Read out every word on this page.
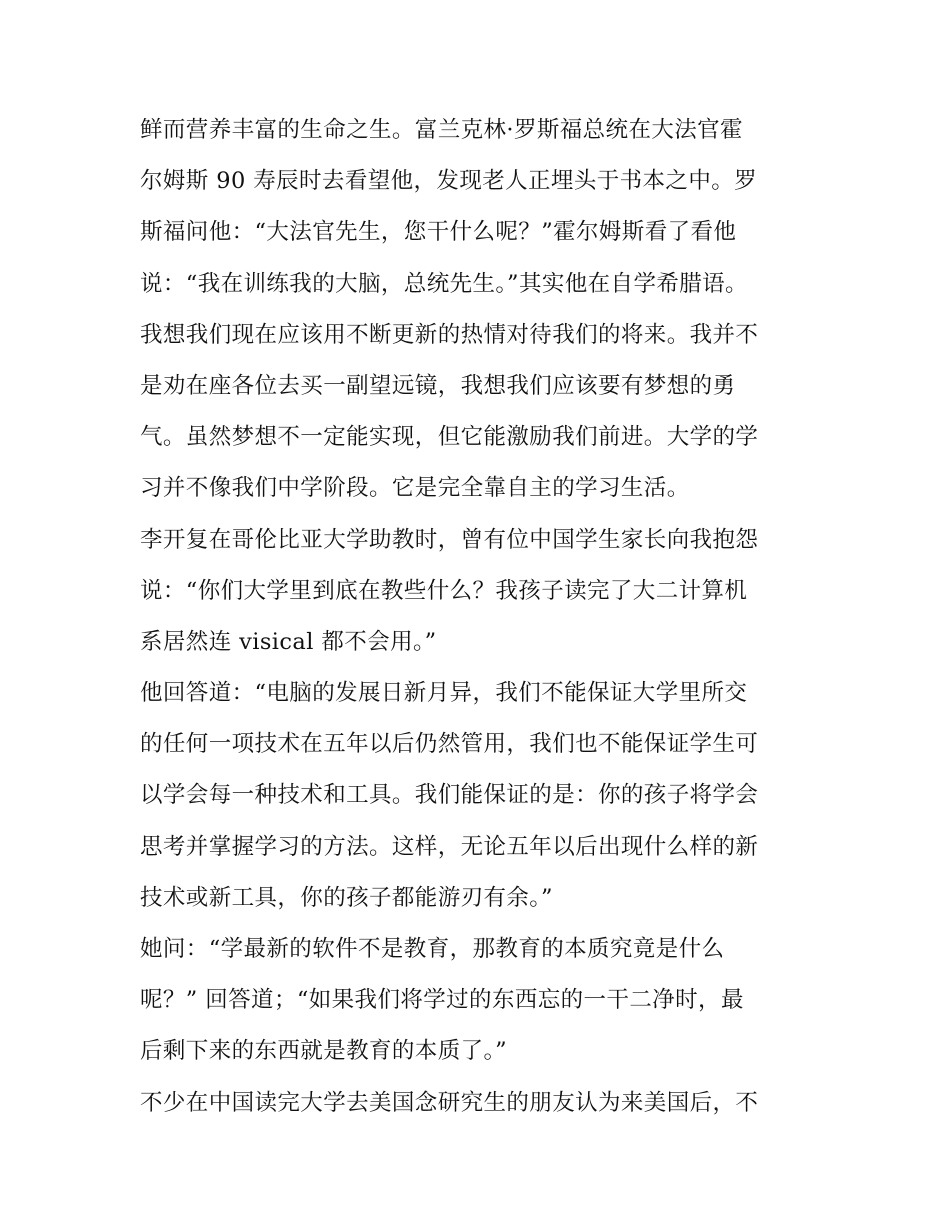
鲜而营养丰富的生命之生。富兰克林·罗斯福总统在大法官霍
尔姆斯 90 寿辰时去看望他，发现老人正埋头于书本之中。罗
斯福问他：“大法官先生，您干什么呢？”霍尔姆斯看了看他
说：“我在训练我的大脑，总统先生。”其实他在自学希腊语。
我想我们现在应该用不断更新的热情对待我们的将来。我并不
是劝在座各位去买一副望远镜，我想我们应该要有梦想的勇
气。虽然梦想不一定能实现，但它能激励我们前进。大学的学
习并不像我们中学阶段。它是完全靠自主的学习生活。
李开复在哥伦比亚大学助教时，曾有位中国学生家长向我抱怨
说：“你们大学里到底在教些什么？我孩子读完了大二计算机
系居然连 visical 都不会用。”
他回答道：“电脑的发展日新月异，我们不能保证大学里所交
的任何一项技术在五年以后仍然管用，我们也不能保证学生可
以学会每一种技术和工具。我们能保证的是：你的孩子将学会
思考并掌握学习的方法。这样，无论五年以后出现什么样的新
技术或新工具，你的孩子都能游刃有余。”
她问：“学最新的软件不是教育，那教育的本质究竟是什么
呢？” 回答道；“如果我们将学过的东西忘的一干二净时，最
后剩下来的东西就是教育的本质了。”
不少在中国读完大学去美国念研究生的朋友认为来美国后，不
